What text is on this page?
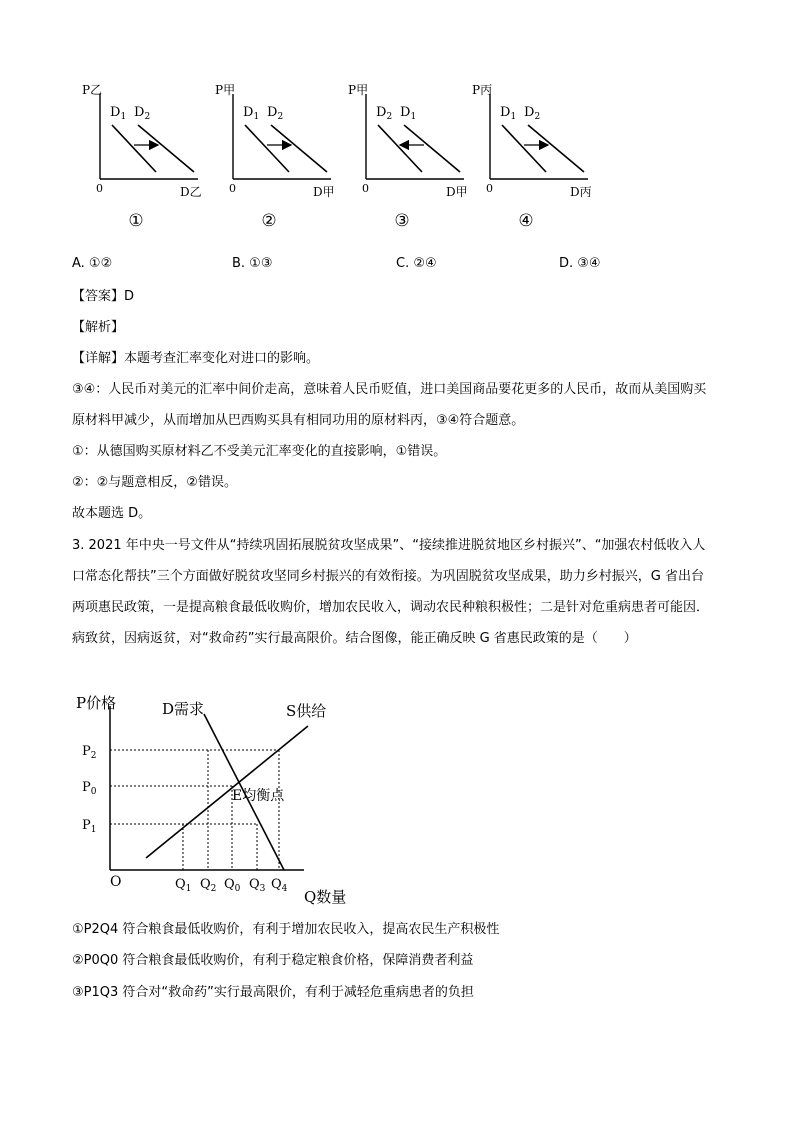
P乙
D乙
0
$D_1$ $D_2$
①
P甲
D甲
0
$D_1$ $D_2$
②
P甲
D甲
0
$D_2$ $D_1$
③
P丙
D丙
0
$D_1$ $D_2$
④
A. ①②	B. ①③	C. ②④	D. ③④
【答案】D
【解析】
【详解】本题考查汇率变化对进口的影响。
③④：人民币对美元的汇率中间价走高，意味着人民币贬值，进口美国商品要花更多的人民币，故而从美国购买原材料甲减少，从而增加从巴西购买具有相同功用的原材料丙，③④符合题意。
①：从德国购买原材料乙不受美元汇率变化的直接影响，①错误。
②：②与题意相反，②错误。
故本题选 D。
3. 2021 年中央一号文件从“持续巩固拓展脱贫攻坚成果”、“接续推进脱贫地区乡村振兴”、“加强农村低收入人口常态化帮扶”三个方面做好脱贫攻坚同乡村振兴的有效衔接。为巩固脱贫攻坚成果，助力乡村振兴，G 省出台两项惠民政策，一是提高粮食最低收购价，增加农民收入，调动农民种粮积极性；二是针对危重病患者可能因．病致贫，因病返贫，对“救命药”实行最高限价。结合图像，能正确反映 G 省惠民政策的是（　　）
P价格
Q数量
O
D需求	S供给
E均衡点
$P_2$
$P_0$
$P_1$
$Q_1$ $Q_2$ $Q_0$ $Q_3$ $Q_4$
①P2Q4 符合粮食最低收购价，有利于增加农民收入，提高农民生产积极性
②P0Q0 符合粮食最低收购价，有利于稳定粮食价格，保障消费者利益
③P1Q3 符合对“救命药”实行最高限价，有利于减轻危重病患者的负担
